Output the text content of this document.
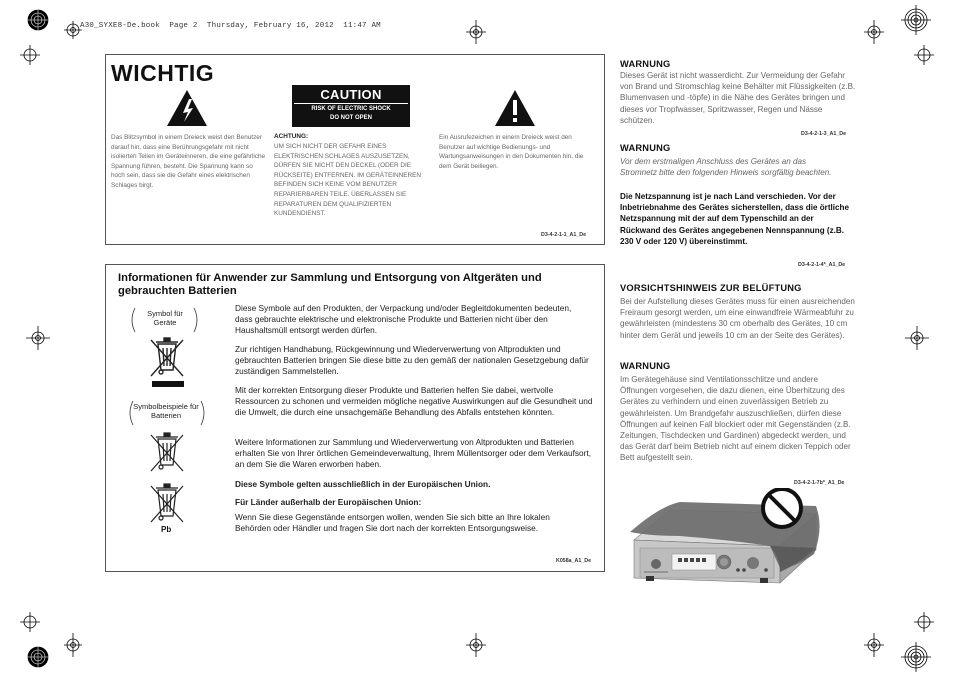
A30_SYXE8-De.book  Page 2  Thursday, February 16, 2012  11:47 AM
WICHTIG
Das Blitzsymbol in einem Dreieck weist den Benutzer darauf hin, dass eine Berührungsgefahr mit nicht isolierten Teilen im Geräteinneren, die eine gefährliche Spannung führen, besteht. Die Spannung kann so hoch sein, dass sie die Gefahr eines elektrischen Schlages birgt.
CAUTION
RISK OF ELECTRIC SHOCK
DO NOT OPEN
ACHTUNG:
UM SICH NICHT DER GEFAHR EINES ELEKTRISCHEN SCHLAGES AUSZUSETZEN, DÜRFEN SIE NICHT DEN DECKEL (ODER DIE RÜCKSEITE) ENTFERNEN. IM GERÄTEINNEREN BEFINDEN SICH KEINE VOM BENUTZER REPARIERBAREN TEILE. ÜBERLASSEN SIE REPARATUREN DEM QUALIFIZIERTEN KUNDENDIENST.
Ein Ausrufezeichen in einem Dreieck weist den Benutzer auf wichtige Bedienungs- und Wartungsanweisungen in den Dokumenten hin, die dem Gerät beiliegen.
D3-4-2-1-1_A1_De
Informationen für Anwender zur Sammlung und Entsorgung von Altgeräten und gebrauchten Batterien
Symbol für Geräte
Symbolbeispiele für Batterien
Pb
Diese Symbole auf den Produkten, der Verpackung und/oder Begleitdokumenten bedeuten, dass gebrauchte elektrische und elektronische Produkte und Batterien nicht über den Haushaltsmüll entsorgt werden dürfen.
Zur richtigen Handhabung, Rückgewinnung und Wiederverwertung von Altprodukten und gebrauchten Batterien bringen Sie diese bitte zu den gemäß der nationalen Gesetzgebung dafür zuständigen Sammelstellen.
Mit der korrekten Entsorgung dieser Produkte und Batterien helfen Sie dabei, wertvolle Ressourcen zu schonen und vermeiden mögliche negative Auswirkungen auf die Gesundheit und die Umwelt, die durch eine unsachgemäße Behandlung des Abfalls entstehen könnten.
Weitere Informationen zur Sammlung und Wiederverwertung von Altprodukten und Batterien erhalten Sie von Ihrer örtlichen Gemeindeverwaltung, Ihrem Müllentsorger oder dem Verkaufsort, an dem Sie die Waren erworben haben.
Diese Symbole gelten ausschließlich in der Europäischen Union.
Für Länder außerhalb der Europäischen Union:
Wenn Sie diese Gegenstände entsorgen wollen, wenden Sie sich bitte an Ihre lokalen Behörden oder Händler und fragen Sie dort nach der korrekten Entsorgungsweise.
K058a_A1_De
WARNUNG
Dieses Gerät ist nicht wasserdicht. Zur Vermeidung der Gefahr von Brand und Stromschlag keine Behälter mit Flüssigkeiten (z.B. Blumenvasen und -töpfe) in die Nähe des Gerätes bringen und dieses vor Tropfwasser, Spritzwasser, Regen und Nässe schützen.
D3-4-2-1-3_A1_De
WARNUNG
Vor dem erstmaligen Anschluss des Gerätes an das Stromnetz bitte den folgenden Hinweis sorgfältig beachten.
Die Netzspannung ist je nach Land verschieden. Vor der Inbetriebnahme des Gerätes sicherstellen, dass die örtliche Netzspannung mit der auf dem Typenschild an der Rückwand des Gerätes angegebenen Nennspannung (z.B. 230 V oder 120 V) übereinstimmt.
D3-4-2-1-4*_A1_De
VORSICHTSHINWEIS ZUR BELÜFTUNG
Bei der Aufstellung dieses Gerätes muss für einen ausreichenden Freiraum gesorgt werden, um eine einwandfreie Wärmeabfuhr zu gewährleisten (mindestens 30 cm oberhalb des Gerätes, 10 cm hinter dem Gerät und jeweils 10 cm an der Seite des Gerätes).
WARNUNG
Im Gerätegehäuse sind Ventilationsschlitze und andere Öffnungen vorgesehen, die dazu dienen, eine Überhitzung des Gerätes zu verhindern und einen zuverlässigen Betrieb zu gewährleisten. Um Brandgefahr auszuschließen, dürfen diese Öffnungen auf keinen Fall blockiert oder mit Gegenständen (z.B. Zeitungen, Tischdecken und Gardinen) abgedeckt werden, und das Gerät darf beim Betrieb nicht auf einem dicken Teppich oder Bett aufgestellt sein.
D3-4-2-1-7b*_A1_De
